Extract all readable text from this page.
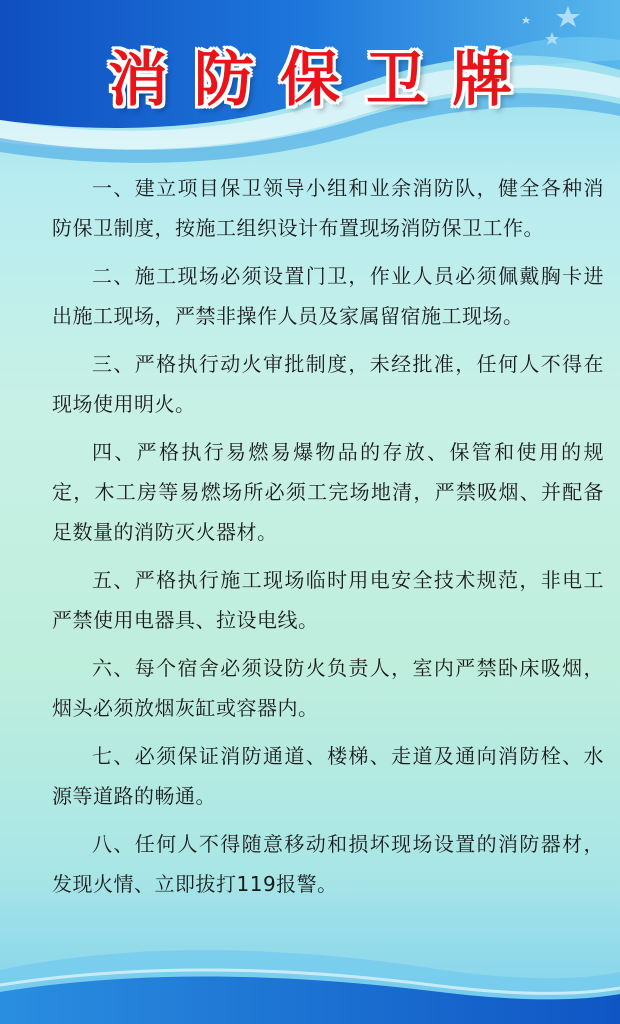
消防保卫牌

一、建立项目保卫领导小组和业余消防队，健全各种消防保卫制度，按施工组织设计布置现场消防保卫工作。

二、施工现场必须设置门卫，作业人员必须佩戴胸卡进出施工现场，严禁非操作人员及家属留宿施工现场。

三、严格执行动火审批制度，未经批准，任何人不得在现场使用明火。

四、严格执行易燃易爆物品的存放、保管和使用的规定，木工房等易燃场所必须工完场地清，严禁吸烟、并配备足数量的消防灭火器材。

五、严格执行施工现场临时用电安全技术规范，非电工严禁使用电器具、拉设电线。

六、每个宿舍必须设防火负责人，室内严禁卧床吸烟，烟头必须放烟灰缸或容器内。

七、必须保证消防通道、楼梯、走道及通向消防栓、水源等道路的畅通。

八、任何人不得随意移动和损坏现场设置的消防器材，发现火情、立即拔打119报警。
